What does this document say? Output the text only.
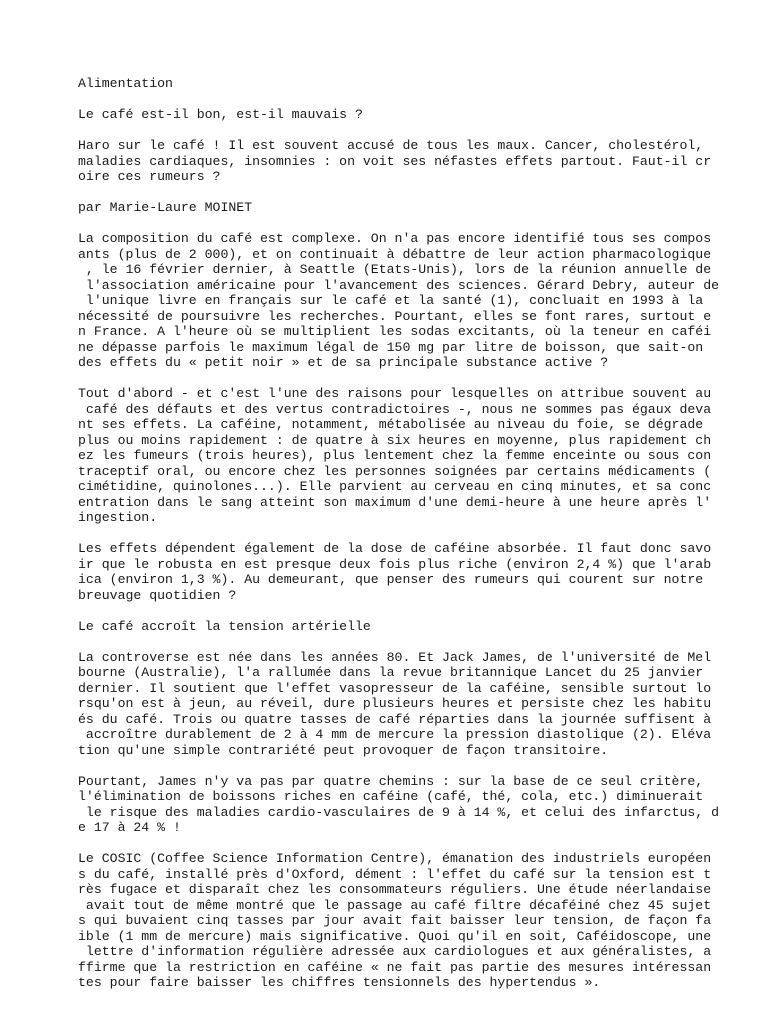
Alimentation
Le café est-il bon, est-il mauvais ?
Haro sur le café ! Il est souvent accusé de tous les maux. Cancer, cholestérol,
maladies cardiaques, insomnies : on voit ses néfastes effets partout. Faut-il cr
oire ces rumeurs ?
par Marie-Laure MOINET
La composition du café est complexe. On n'a pas encore identifié tous ses compos
ants (plus de 2 000), et on continuait à débattre de leur action pharmacologique
, le 16 février dernier, à Seattle (Etats-Unis), lors de la réunion annuelle de
l'association américaine pour l'avancement des sciences. Gérard Debry, auteur de
l'unique livre en français sur le café et la santé (1), concluait en 1993 à la
nécessité de poursuivre les recherches. Pourtant, elles se font rares, surtout e
n France. A l'heure où se multiplient les sodas excitants, où la teneur en caféi
ne dépasse parfois le maximum légal de 150 mg par litre de boisson, que sait-on
des effets du « petit noir » et de sa principale substance active ?
Tout d'abord - et c'est l'une des raisons pour lesquelles on attribue souvent au
café des défauts et des vertus contradictoires -, nous ne sommes pas égaux deva
nt ses effets. La caféine, notamment, métabolisée au niveau du foie, se dégrade
plus ou moins rapidement : de quatre à six heures en moyenne, plus rapidement ch
ez les fumeurs (trois heures), plus lentement chez la femme enceinte ou sous con
traceptif oral, ou encore chez les personnes soignées par certains médicaments (
cimétidine, quinolones...). Elle parvient au cerveau en cinq minutes, et sa conc
entration dans le sang atteint son maximum d'une demi-heure à une heure après l'
ingestion.
Les effets dépendent également de la dose de caféine absorbée. Il faut donc savo
ir que le robusta en est presque deux fois plus riche (environ 2,4 %) que l'arab
ica (environ 1,3 %). Au demeurant, que penser des rumeurs qui courent sur notre
breuvage quotidien ?
Le café accroît la tension artérielle
La controverse est née dans les années 80. Et Jack James, de l'université de Mel
bourne (Australie), l'a rallumée dans la revue britannique Lancet du 25 janvier
dernier. Il soutient que l'effet vasopresseur de la caféine, sensible surtout lo
rsqu'on est à jeun, au réveil, dure plusieurs heures et persiste chez les habitu
és du café. Trois ou quatre tasses de café réparties dans la journée suffisent à
accroître durablement de 2 à 4 mm de mercure la pression diastolique (2). Eléva
tion qu'une simple contrariété peut provoquer de façon transitoire.
Pourtant, James n'y va pas par quatre chemins : sur la base de ce seul critère,
l'élimination de boissons riches en caféine (café, thé, cola, etc.) diminuerait
le risque des maladies cardio-vasculaires de 9 à 14 %, et celui des infarctus, d
e 17 à 24 % !
Le COSIC (Coffee Science Information Centre), émanation des industriels européen
s du café, installé près d'Oxford, dément : l'effet du café sur la tension est t
rès fugace et disparaît chez les consommateurs réguliers. Une étude néerlandaise
avait tout de même montré que le passage au café filtre décaféiné chez 45 sujet
s qui buvaient cinq tasses par jour avait fait baisser leur tension, de façon fa
ible (1 mm de mercure) mais significative. Quoi qu'il en soit, Caféidoscope, une
lettre d'information régulière adressée aux cardiologues et aux généralistes, a
ffirme que la restriction en caféine « ne fait pas partie des mesures intéressan
tes pour faire baisser les chiffres tensionnels des hypertendus ».
